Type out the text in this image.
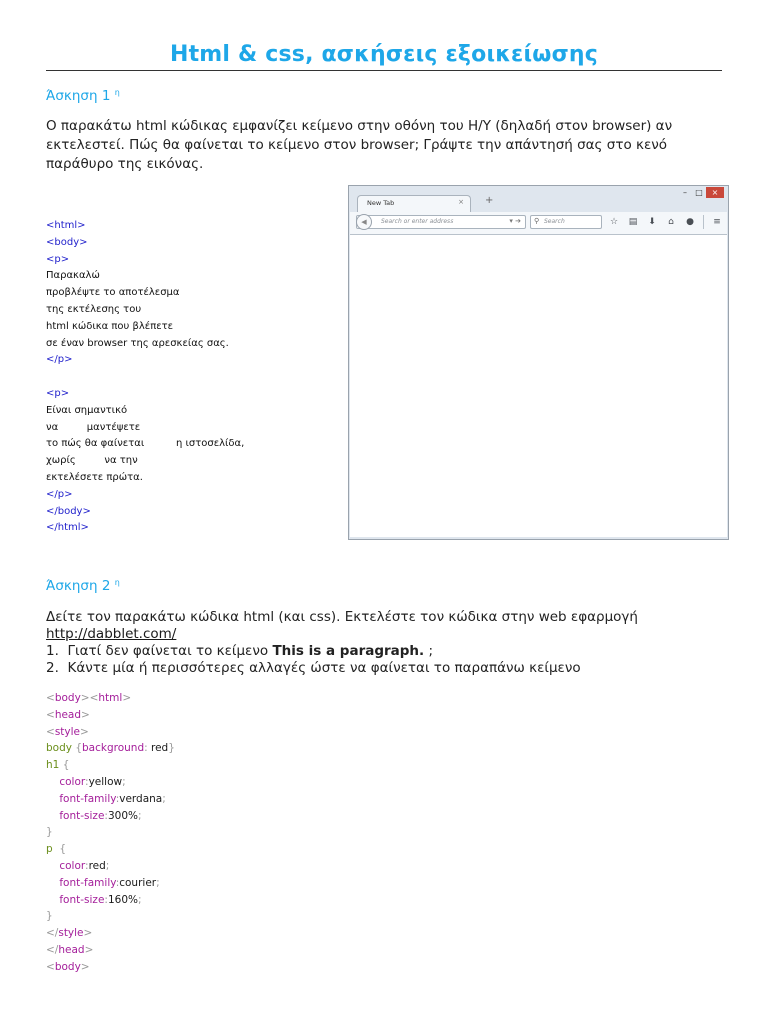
Html & css, ασκήσεις εξοικείωσης
Άσκηση 1 $^\eta$
Ο παρακάτω html κώδικας εμφανίζει κείμενο στην οθόνη του Η/Υ (δηλαδή στον browser) αν εκτελεστεί. Πώς θα φαίνεται το κείμενο στον browser; Γράψτε την απάντησή σας στο κενό παράθυρο της εικόνας.
<html>
<body>
<p>
Παρακαλώ
προβλέψτε το αποτέλεσμα
της εκτέλεσης του
html κώδικα που βλέπετε
σε έναν browser της αρεσκείας σας.
</p>
<p>
Είναι σημαντικό
να         μαντέψετε
το πώς θα φαίνεται          η ιστοσελίδα,
χωρίς         να την
εκτελέσετε πρώτα.
</p>
</body>
</html>
–	□	×
New Tab	× +
◀	Search or enter address	▾ ➔ ⚲ Search	☆ ▤ ⬇	⌂	● ≡
Άσκηση 2 $^\eta$
Δείτε τον παρακάτω κώδικα html (και css). Εκτελέστε τον κώδικα στην web εφαρμογή
http://dabblet.com/
1. Γιατί δεν φαίνεται το κείμενο This is a paragraph. ;
2. Κάντε μία ή περισσότερες αλλαγές ώστε να φαίνεται το παραπάνω κείμενο
<body><html>
<head>
<style>
body {background: red}
h1 {
color:yellow;
font-family:verdana;
font-size:300%;
}
p {
color:red;
font-family:courier;
font-size:160%;
}
</style>
</head>
<body>
